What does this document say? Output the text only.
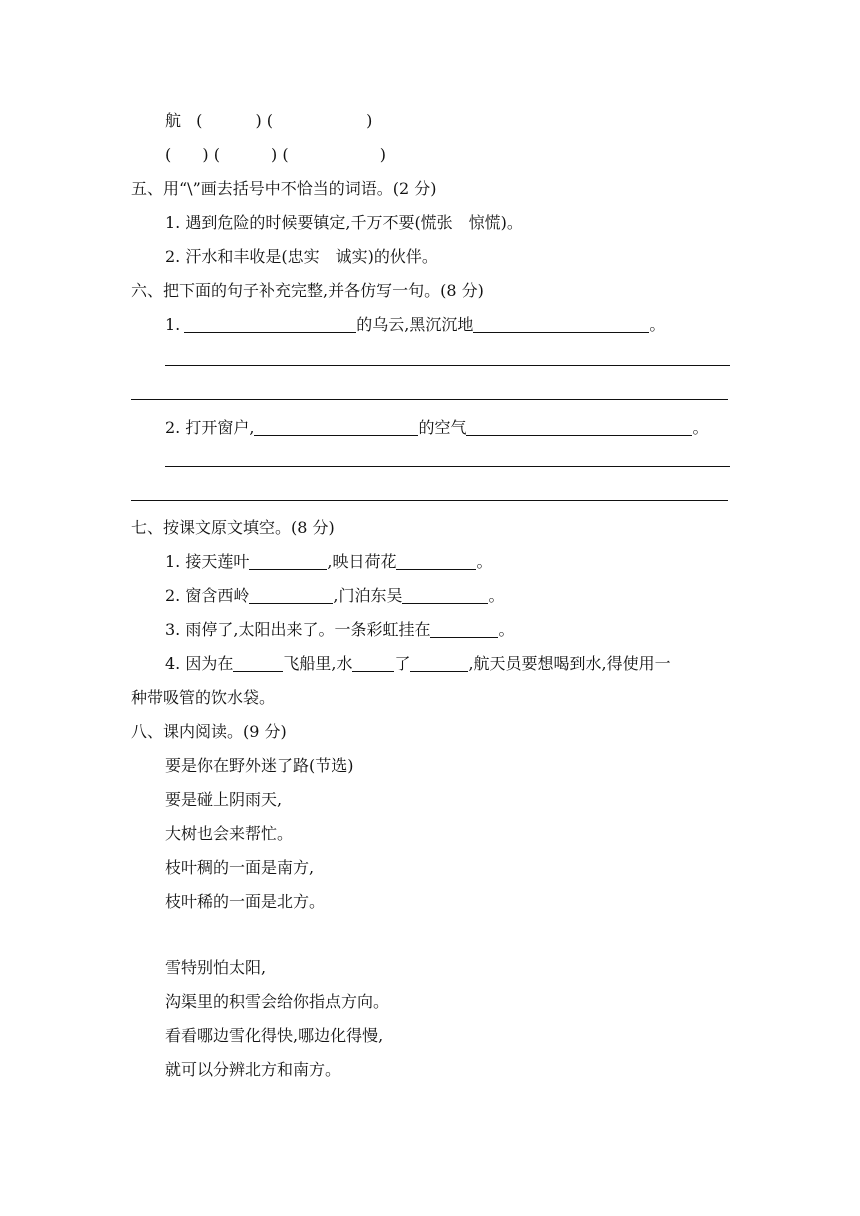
航 (	) (	)
( ) (	) (	)
五、用“\”画去括号中不恰当的词语。(2 分)
1. 遇到危险的时候要镇定,千万不要(慌张　惊慌)。
2. 汗水和丰收是(忠实　诚实)的伙伴。
六、把下面的句子补充完整,并各仿写一句。(8 分)
1.	的乌云,黑沉沉地	。
2. 打开窗户,	的空气	。
七、按课文原文填空。(8 分)
1. 接天莲叶	,映日荷花	。
2. 窗含西岭	,门泊东吴	。
3. 雨停了,太阳出来了。一条彩虹挂在	。
4. 因为在	飞船里,水	了	,航天员要想喝到水,得使用一
种带吸管的饮水袋。
八、课内阅读。(9 分)
要是你在野外迷了路(节选)
要是碰上阴雨天,
大树也会来帮忙。
枝叶稠的一面是南方,
枝叶稀的一面是北方。
雪特别怕太阳,
沟渠里的积雪会给你指点方向。
看看哪边雪化得快,哪边化得慢,
就可以分辨北方和南方。
